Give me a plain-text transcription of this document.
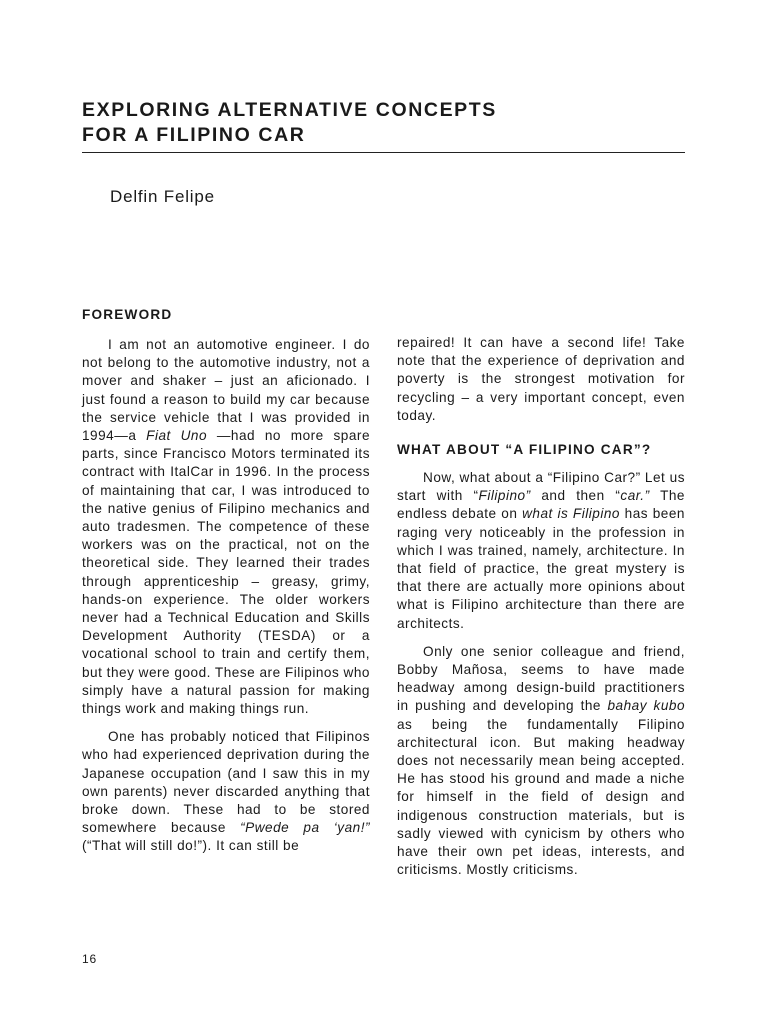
EXPLORING ALTERNATIVE CONCEPTS
FOR A FILIPINO CAR
Delfin Felipe
FOREWORD

I am not an automotive engineer. I do not belong to the automotive industry, not a mover and shaker – just an aficionado. I just found a reason to build my car because the service vehicle that I was provided in 1994—a Fiat Uno —had no more spare parts, since Francisco Motors terminated its contract with ItalCar in 1996. In the process of maintaining that car, I was introduced to the native genius of Filipino mechanics and auto tradesmen. The competence of these workers was on the practical, not on the theoretical side. They learned their trades through apprenticeship – greasy, grimy, hands-on experience. The older workers never had a Technical Education and Skills Development Authority (TESDA) or a vocational school to train and certify them, but they were good. These are Filipinos who simply have a natural passion for making things work and making things run.

One has probably noticed that Filipinos who had experienced deprivation during the Japanese occupation (and I saw this in my own parents) never discarded anything that broke down. These had to be stored somewhere because “Pwede pa ‘yan!” (“That will still do!”). It can still be

repaired! It can have a second life! Take note that the experience of deprivation and poverty is the strongest motivation for recycling – a very important concept, even today.

WHAT ABOUT “A FILIPINO CAR”?

Now, what about a “Filipino Car?” Let us start with “Filipino” and then “car.” The endless debate on what is Filipino has been raging very noticeably in the profession in which I was trained, namely, architecture. In that field of practice, the great mystery is that there are actually more opinions about what is Filipino architecture than there are architects.

Only one senior colleague and friend, Bobby Mañosa, seems to have made headway among design-build practitioners in pushing and developing the bahay kubo as being the fundamentally Filipino architectural icon. But making headway does not necessarily mean being accepted. He has stood his ground and made a niche for himself in the field of design and indigenous construction materials, but is sadly viewed with cynicism by others who have their own pet ideas, interests, and criticisms. Mostly criticisms.

16
